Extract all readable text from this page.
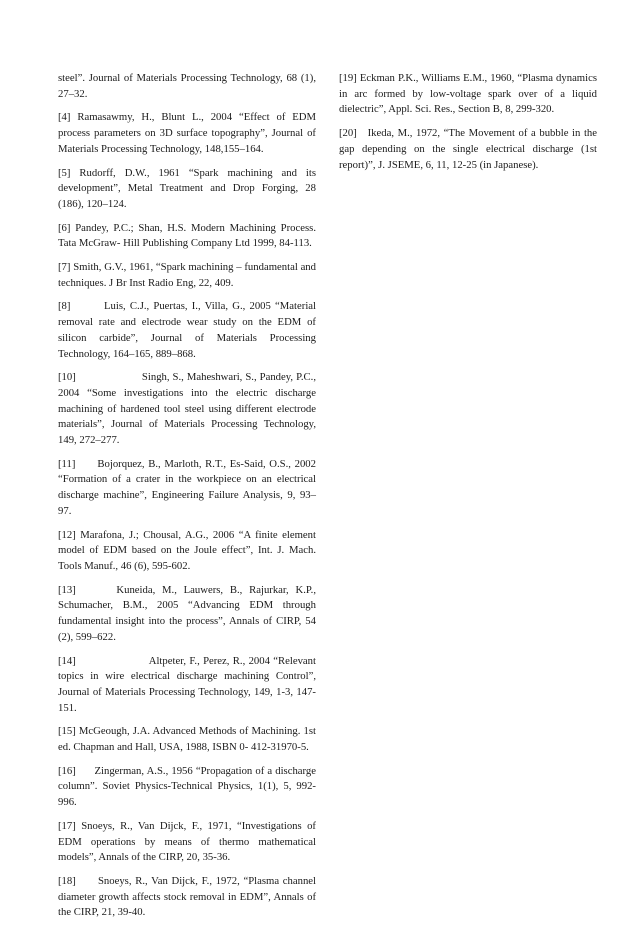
steel”. Journal of Materials Processing Technology, 68 (1), 27–32.

[4] Ramasawmy, H., Blunt L., 2004 “Effect of EDM process parameters on 3D surface topography”, Journal of Materials Processing Technology, 148,155–164.

[5] Rudorff, D.W., 1961 “Spark machining and its development”, Metal Treatment and Drop Forging, 28 (186), 120–124.

[6] Pandey, P.C.; Shan, H.S. Modern Machining Process. Tata McGraw- Hill Publishing Company Ltd 1999, 84-113.

[7] Smith, G.V., 1961, “Spark machining – fundamental and techniques. J Br Inst Radio Eng, 22, 409.

[8]        Luis, C.J., Puertas, I., Villa, G., 2005 “Material removal rate and electrode wear study on the EDM of silicon carbide”, Journal of Materials Processing Technology, 164–165, 889–868.

[10]                      Singh, S., Maheshwari, S., Pandey, P.C., 2004 “Some investigations into the electric discharge machining of hardened tool steel using different electrode materials”, Journal of Materials Processing Technology, 149, 272–277.

[11]      Bojorquez, B., Marloth, R.T., Es-Said, O.S., 2002 “Formation of a crater in the workpiece on an electrical discharge machine”, Engineering Failure Analysis, 9, 93–97.

[12] Marafona, J.; Chousal, A.G., 2006 “A finite element model of EDM based on the Joule effect”, Int. J. Mach. Tools Manuf., 46 (6), 595-602.

[13]      Kuneida, M., Lauwers, B., Rajurkar, K.P., Schumacher, B.M., 2005 “Advancing EDM through fundamental insight into the process”, Annals of CIRP, 54 (2), 599–622.

[14]                      Altpeter, F., Perez, R., 2004 “Relevant topics in wire electrical discharge machining Control”, Journal of Materials Processing Technology, 149, 1-3, 147-151.

[15] McGeough, J.A. Advanced Methods of Machining. 1st ed. Chapman and Hall, USA, 1988, ISBN 0- 412-31970-5.

[16]      Zingerman, A.S., 1956 “Propagation of a discharge column”. Soviet Physics-Technical Physics, 1(1), 5, 992-996.

[17] Snoeys, R., Van Dijck, F., 1971, “Investigations of EDM operations by means of thermo mathematical models”, Annals of the CIRP, 20, 35-36.

[18]      Snoeys, R., Van Dijck, F., 1972, “Plasma channel diameter growth affects stock removal in EDM”, Annals of the CIRP, 21, 39-40.

[19] Eckman P.K., Williams E.M., 1960, “Plasma dynamics in arc formed by low-voltage spark over of a liquid dielectric”, Appl. Sci. Res., Section B, 8, 299-320.

[20]   Ikeda, M., 1972, “The Movement of a bubble in the gap depending on the single electrical discharge (1st report)”, J. JSEME, 6, 11, 12-25 (in Japanese).
